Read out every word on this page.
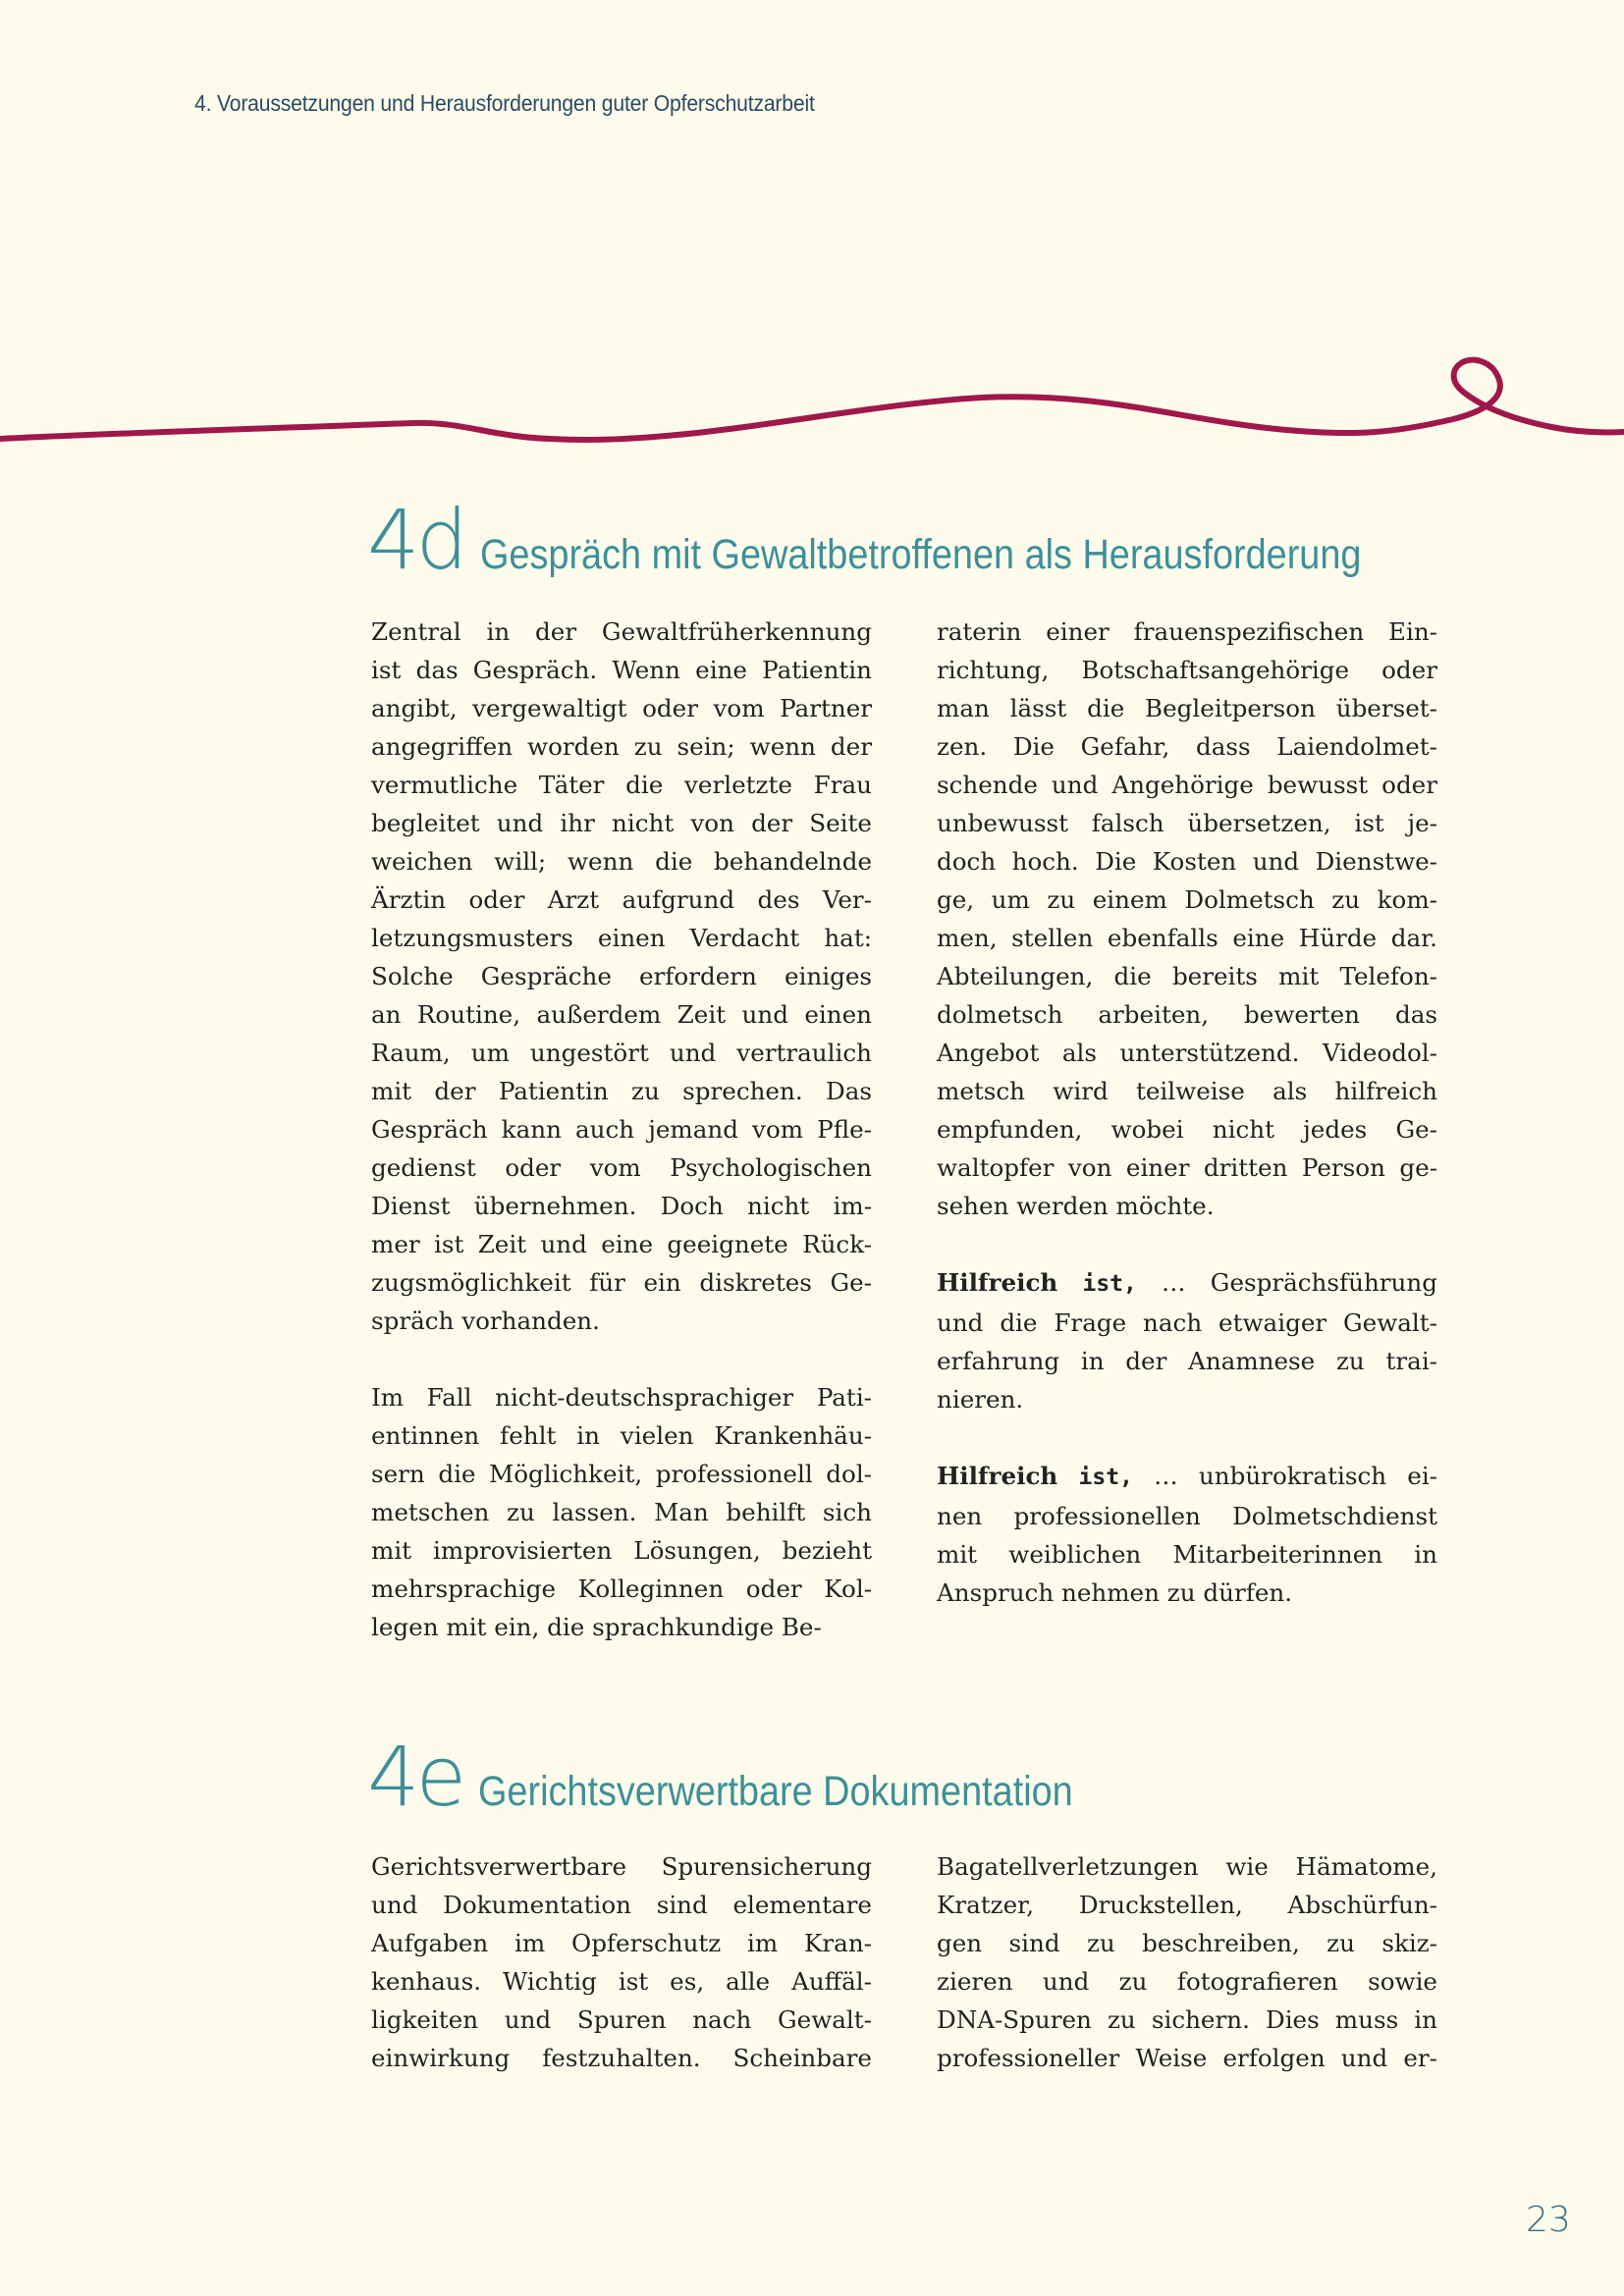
4. Voraussetzungen und Herausforderungen guter Opferschutzarbeit
4d Gespräch mit Gewaltbetroffenen als Herausforderung

Zentral in der Gewaltfrüherkennung

ist das Gespräch. Wenn eine Patientin

angibt, vergewaltigt oder vom Partner

angegriffen worden zu sein; wenn der

vermutliche Täter die verletzte Frau

begleitet und ihr nicht von der Seite

weichen will; wenn die behandelnde

Ärztin oder Arzt aufgrund des Ver-

letzungsmusters einen Verdacht hat:

Solche Gespräche erfordern einiges

an Routine, außerdem Zeit und einen

Raum, um ungestört und vertraulich

mit der Patientin zu sprechen. Das

Gespräch kann auch jemand vom Pfle-

gedienst oder vom Psychologischen

Dienst übernehmen. Doch nicht im-

mer ist Zeit und eine geeignete Rück-

zugsmöglichkeit für ein diskretes Ge-

spräch vorhanden.

Im Fall nicht-deutschsprachiger Pati-

entinnen fehlt in vielen Krankenhäu-

sern die Möglichkeit, professionell dol-

metschen zu lassen. Man behilft sich

mit improvisierten Lösungen, bezieht

mehrsprachige Kolleginnen oder Kol-

legen mit ein, die sprachkundige Be-

raterin einer frauenspezifischen Ein-

richtung, Botschaftsangehörige oder

man lässt die Begleitperson überset-

zen. Die Gefahr, dass Laiendolmet-

schende und Angehörige bewusst oder

unbewusst falsch übersetzen, ist je-

doch hoch. Die Kosten und Dienstwe-

ge, um zu einem Dolmetsch zu kom-

men, stellen ebenfalls eine Hürde dar.

Abteilungen, die bereits mit Telefon-

dolmetsch arbeiten, bewerten das

Angebot als unterstützend. Videodol-

metsch wird teilweise als hilfreich

empfunden, wobei nicht jedes Ge-

waltopfer von einer dritten Person ge-

sehen werden möchte.

Hilfreich ist, … Gesprächsführung

und die Frage nach etwaiger Gewalt-

erfahrung in der Anamnese zu trai-

nieren.

Hilfreich ist, … unbürokratisch ei-

nen professionellen Dolmetschdienst

mit weiblichen Mitarbeiterinnen in

Anspruch nehmen zu dürfen.

4e Gerichtsverwertbare Dokumentation

Gerichtsverwertbare Spurensicherung

und Dokumentation sind elementare

Aufgaben im Opferschutz im Kran-

kenhaus. Wichtig ist es, alle Auffäl-

ligkeiten und Spuren nach Gewalt-

einwirkung festzuhalten. Scheinbare

Bagatellverletzungen wie Hämatome,

Kratzer, Druckstellen, Abschürfun-

gen sind zu beschreiben, zu skiz-

zieren und zu fotografieren sowie

DNA-Spuren zu sichern. Dies muss in

professioneller Weise erfolgen und er-

23
